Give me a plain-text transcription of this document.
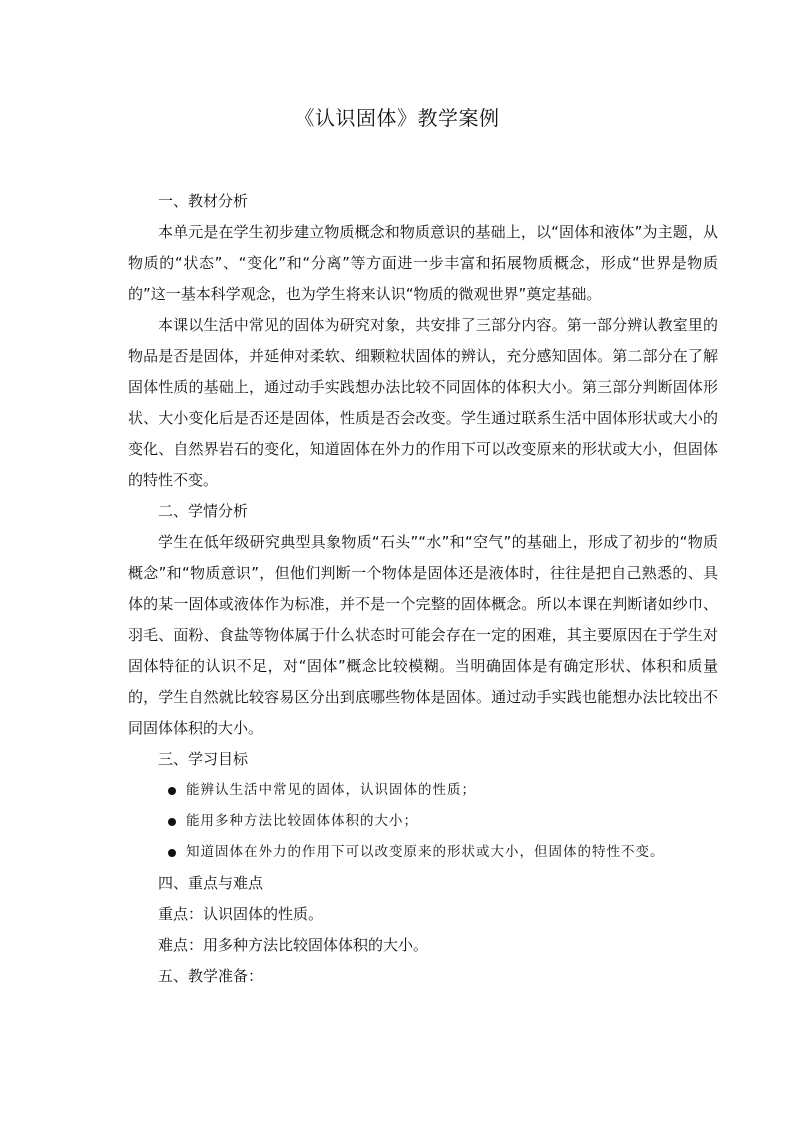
《认识固体》教学案例

一、教材分析

本单元是在学生初步建立物质概念和物质意识的基础上，以“固体和液体”为主题，从物质的“状态”、“变化”和“分离”等方面进一步丰富和拓展物质概念，形成“世界是物质的”这一基本科学观念，也为学生将来认识“物质的微观世界”奠定基础。

本课以生活中常见的固体为研究对象，共安排了三部分内容。第一部分辨认教室里的物品是否是固体，并延伸对柔软、细颗粒状固体的辨认，充分感知固体。第二部分在了解固体性质的基础上，通过动手实践想办法比较不同固体的体积大小。第三部分判断固体形状、大小变化后是否还是固体，性质是否会改变。学生通过联系生活中固体形状或大小的变化、自然界岩石的变化，知道固体在外力的作用下可以改变原来的形状或大小，但固体的特性不变。

二、学情分析

学生在低年级研究典型具象物质“石头”“水”和“空气”的基础上，形成了初步的“物质概念”和“物质意识”，但他们判断一个物体是固体还是液体时，往往是把自己熟悉的、具体的某一固体或液体作为标准，并不是一个完整的固体概念。所以本课在判断诸如纱巾、羽毛、面粉、食盐等物体属于什么状态时可能会存在一定的困难，其主要原因在于学生对固体特征的认识不足，对“固体”概念比较模糊。当明确固体是有确定形状、体积和质量的，学生自然就比较容易区分出到底哪些物体是固体。通过动手实践也能想办法比较出不同固体体积的大小。

三、学习目标

能辨认生活中常见的固体，认识固体的性质；
能用多种方法比较固体体积的大小；
知道固体在外力的作用下可以改变原来的形状或大小，但固体的特性不变。

四、重点与难点

重点：认识固体的性质。

难点：用多种方法比较固体体积的大小。

五、教学准备：
